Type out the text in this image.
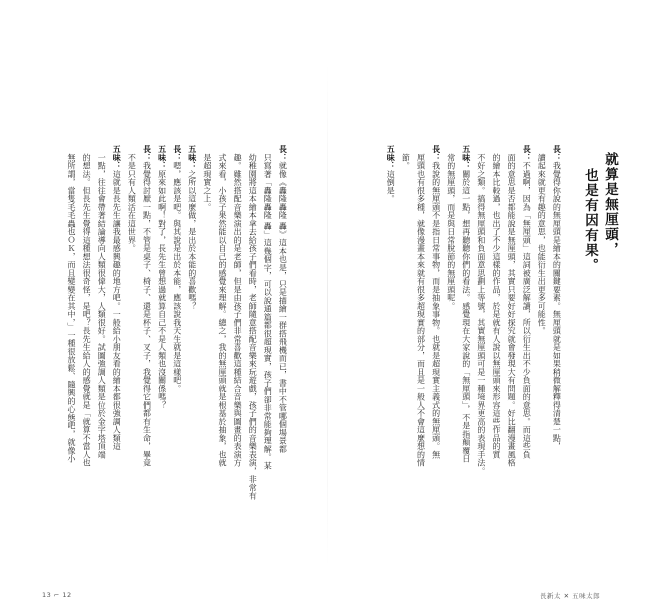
就算是無厘頭，
也是有因有果。
長：我覺得你說的無厘頭是繪本的關鍵要素。無厘頭就是如果稍微解釋得清楚一點，
　讀起來就更有趣的意思，也能衍生出更多可能性。
長：不過啊，因為「無厘頭」這詞被廣泛解讀，所以衍生出不少負面的意思。而這些負
　面的意思是否都能說是無厘頭，其實只要好好探究就會發現大有問題。好比翻漫畫風格
　的繪本比較過，也出了不少這樣的作品，於是就有人說以無厘頭來形容這些作品的質
　不好之類。搞得無厘頭和負面意思劃上等號，其實無厘頭可是一種境界更高的表現手法。
五味：關於這一點，想再聽聽你們的看法。感覺現在大家說的「無厘頭」，不是指顛覆日
　常的無厘頭，而是與日常脫節的無厘頭呢。
長：我說的無厘頭不是指日常事物，而是抽象事物。也就是超現實主義式的無厘頭。無
　厘頭也有很多種，就像漫畫本來就有很多超現實的部分，而且是一般人不會這麼想的情
　節。
五味：這倒是。
長：就像《轟隆轟隆 轟》這本也是，只是描繪一群搭飛機而已，書中不管哪個場景都
　只寫著「轟隆轟隆 轟」這幾個字，可以說通篇都很超現實，孩子們卻非常能夠理解。某
　幼稚園將這本繪本拿去給孩子們看時，老師隨意搭配音樂來玩遊戲，孩子們的音樂表演，非常有
　趣。雖然搭配音樂演出的是老師，但是由孩子們非常喜歡這種結合音樂與圖畫的表演方
　式來看，小孩子果然能以自己的感覺來理解。總之，我的無厘頭就是根基於抽象，也就
　是超現實之上。
五味：之所以這麼做，是出於本能的喜歡嗎？
長：嗯，應該是吧。與其說是出於本能，應該說我天生就是這樣吧。
五味：原來如此啊！對了，長先生曾想過就算自己不是人類也沒關係嗎？
長：我覺得討厭一點，不管是桌子、椅子、還是杯子、叉子，我覺得它們都有生命，畢竟
　不是只有人類活在這世界。
五味：這就是長先生讓我最感興趣的地方吧。一般給小朋友看的繪本都很強調人類這
　一點，往往會帶著結論導向人類很偉大，人類很好。試圖強調人類是位於金字塔頂端
　的想法。但長先生覺得這種想法很奇怪，是吧？長先生給人的感覺就是「就算不當人也
　無所謂，當隻毛毛蟲也ＯＫ，而且變變在其中，」一種很放鬆、隨興的心態吧，就像小
13 ⌐ 12	長新太 ✕ 五味太郎
